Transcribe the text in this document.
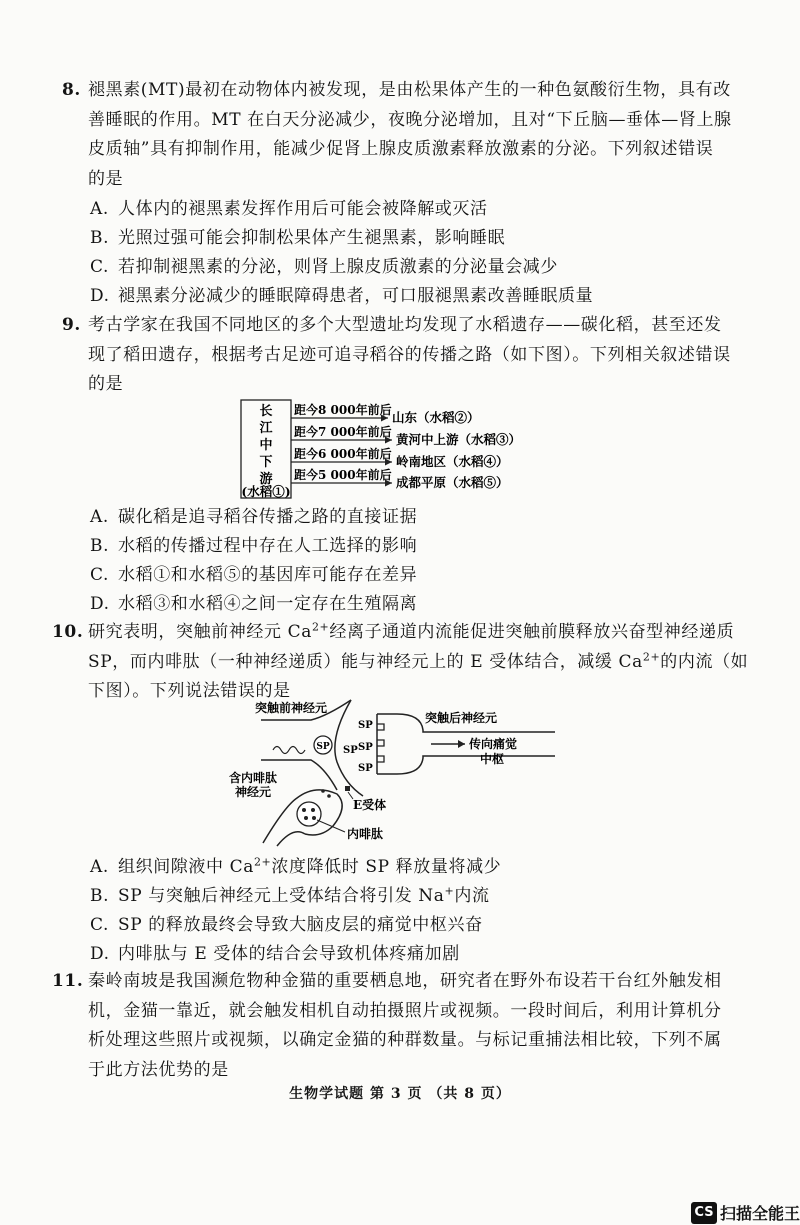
8. 褪黑素(MT)最初在动物体内被发现，是由松果体产生的一种色氨酸衍生物，具有改
善睡眠的作用。MT 在白天分泌减少，夜晚分泌增加，且对“下丘脑—垂体—肾上腺
皮质轴”具有抑制作用，能减少促肾上腺皮质激素释放激素的分泌。下列叙述错误
的是
A. 人体内的褪黑素发挥作用后可能会被降解或灭活
B. 光照过强可能会抑制松果体产生褪黑素，影响睡眠
C. 若抑制褪黑素的分泌，则肾上腺皮质激素的分泌量会减少
D. 褪黑素分泌减少的睡眠障碍患者，可口服褪黑素改善睡眠质量
9. 考古学家在我国不同地区的多个大型遗址均发现了水稻遗存——碳化稻，甚至还发
现了稻田遗存，根据考古足迹可追寻稻谷的传播之路（如下图）。下列相关叙述错误
的是
长
江
中
下
游
(水稻①)
距今8 000年前后 山东（水稻②）
距今7 000年前后 黄河中上游（水稻③）
距今6 000年前后 岭南地区（水稻④）
距今5 000年前后 成都平原（水稻⑤）
A. 碳化稻是追寻稻谷传播之路的直接证据
B. 水稻的传播过程中存在人工选择的影响
C. 水稻①和水稻⑤的基因库可能存在差异
D. 水稻③和水稻④之间一定存在生殖隔离
10. 研究表明，突触前神经元 $Ca^{2+}$经离子通道内流能促进突触前膜释放兴奋型神经递质
SP，而内啡肽（一种神经递质）能与神经元上的 E 受体结合，减缓 $Ca^{2+}$的内流（如
下图）。下列说法错误的是
SP SP
突触前神经元
SP
SP
SP
突触后神经元
传向痛觉
中枢
E受体
内啡肽
含内啡肽
神经元
A. 组织间隙液中 $Ca^{2+}$浓度降低时 SP 释放量将减少
B. SP 与突触后神经元上受体结合将引发 Na+内流
C. SP 的释放最终会导致大脑皮层的痛觉中枢兴奋
D. 内啡肽与 E 受体的结合会导致机体疼痛加剧
11. 秦岭南坡是我国濒危物种金猫的重要栖息地，研究者在野外布设若干台红外触发相
机，金猫一靠近，就会触发相机自动拍摄照片或视频。一段时间后，利用计算机分
析处理这些照片或视频，以确定金猫的种群数量。与标记重捕法相比较，下列不属
于此方法优势的是
生物学试题 第 3 页 （共 8 页）
CS 扫描全能王
